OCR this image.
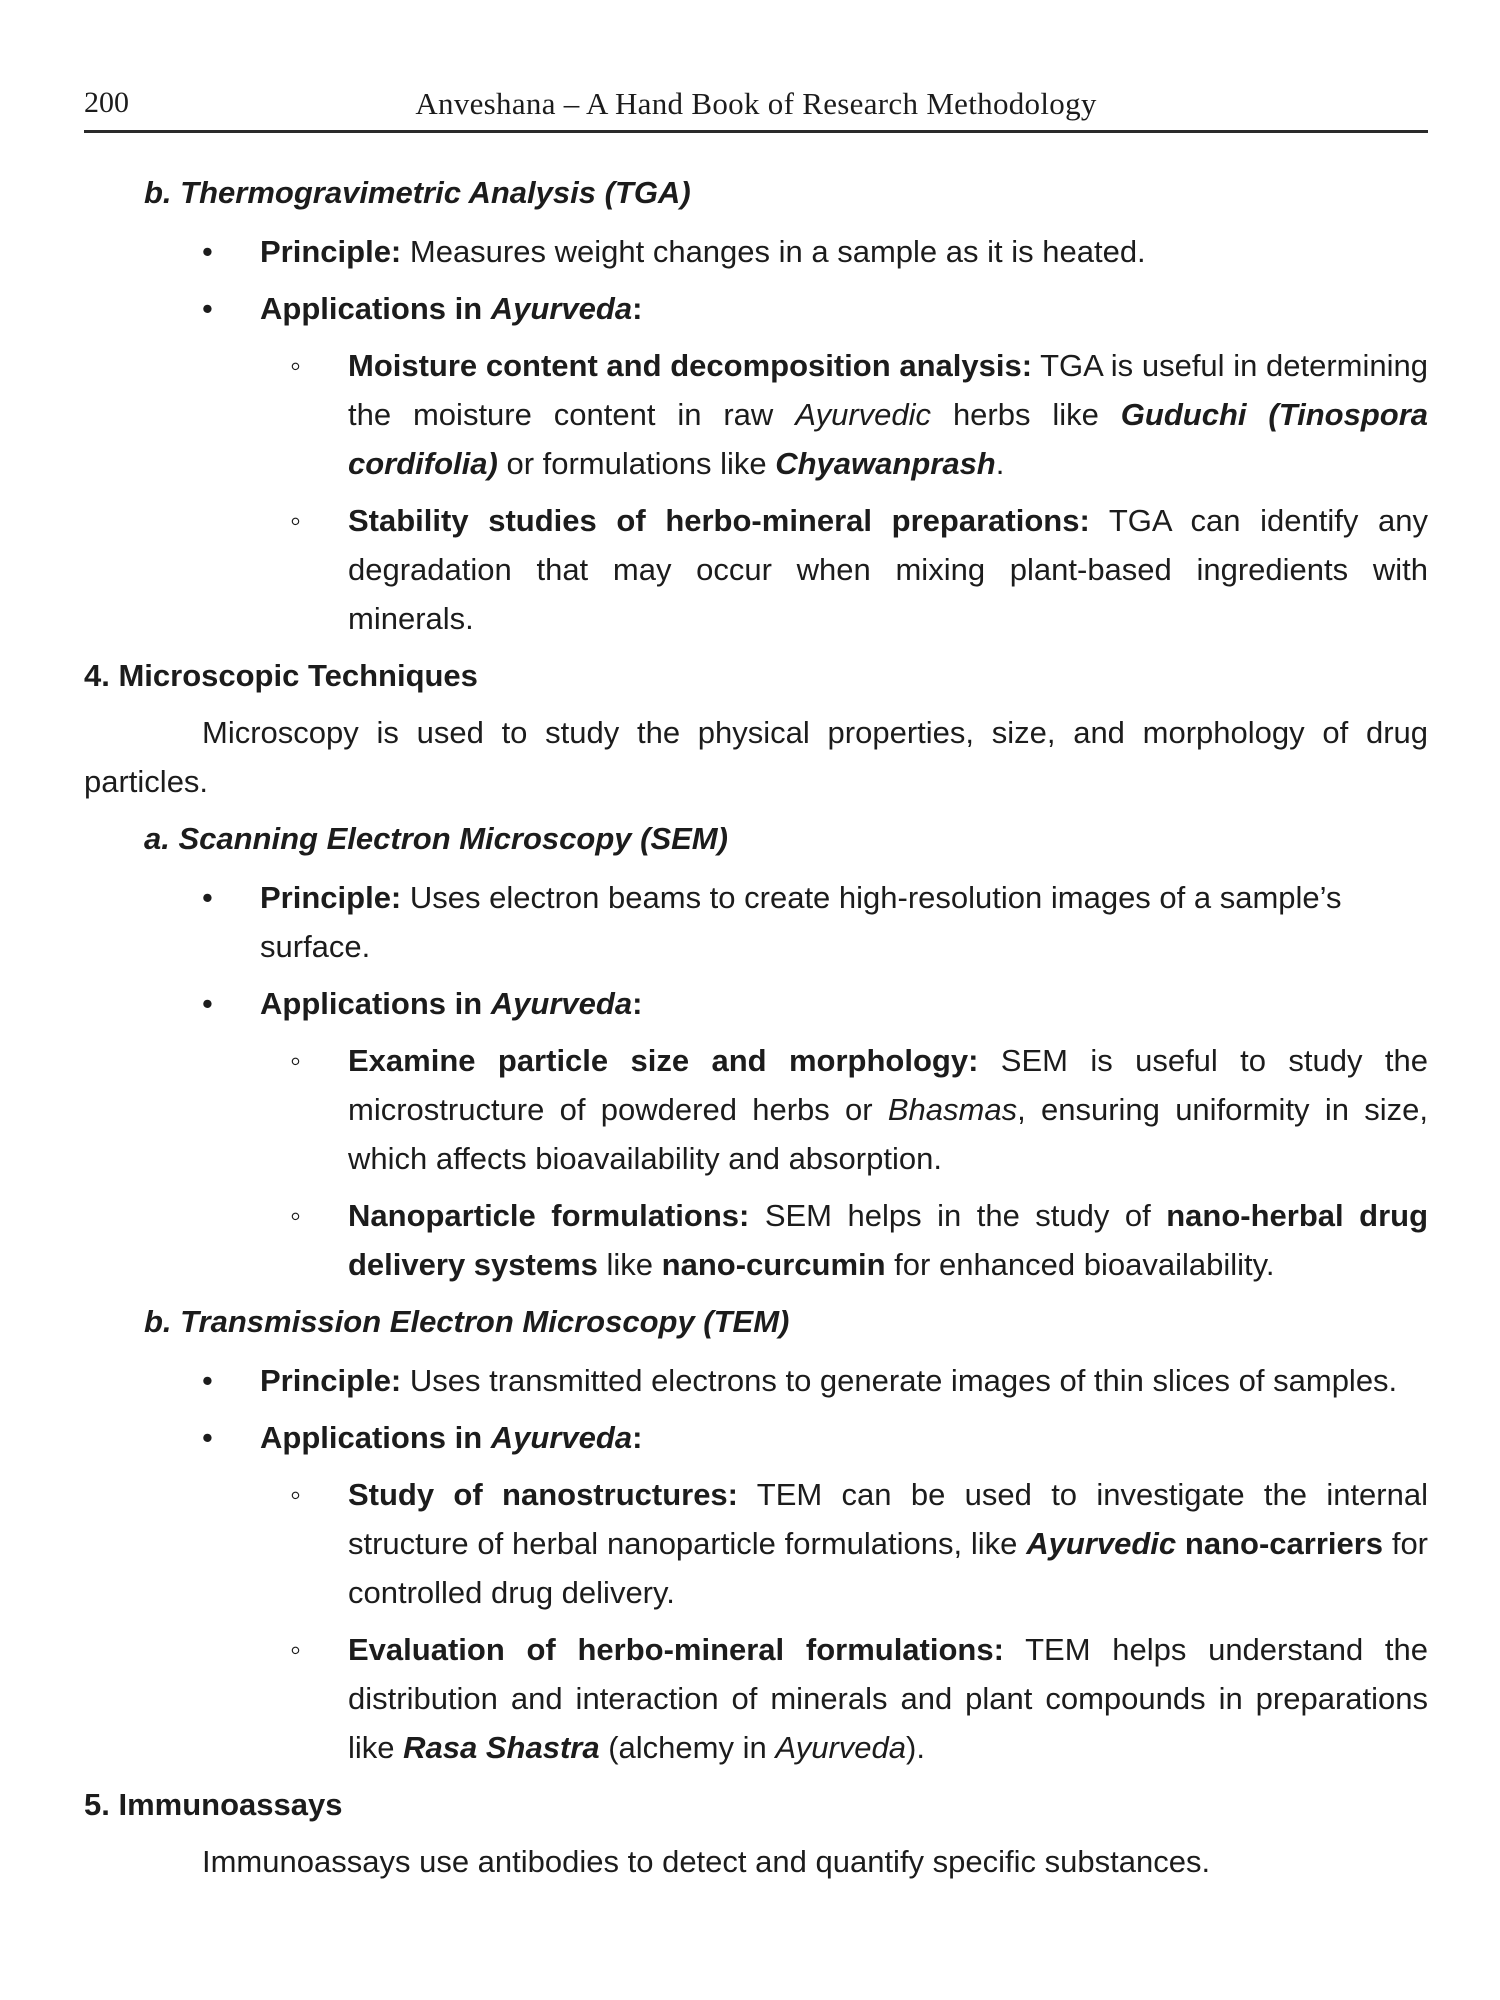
200	Anveshana – A Hand Book of Research Methodology
b. Thermogravimetric Analysis (TGA)
• Principle: Measures weight changes in a sample as it is heated.
• Applications in Ayurveda:
◦ Moisture content and decomposition analysis: TGA is useful in determining the moisture content in raw Ayurvedic herbs like Guduchi (Tinospora cordifolia) or formulations like Chyawanprash.
◦ Stability studies of herbo-mineral preparations: TGA can identify any degradation that may occur when mixing plant-based ingredients with minerals.
4. Microscopic Techniques
Microscopy is used to study the physical properties, size, and morphology of drug particles.
a. Scanning Electron Microscopy (SEM)
• Principle: Uses electron beams to create high-resolution images of a sample’s surface.
• Applications in Ayurveda:
◦ Examine particle size and morphology: SEM is useful to study the microstructure of powdered herbs or Bhasmas, ensuring uniformity in size, which affects bioavailability and absorption.
◦ Nanoparticle formulations: SEM helps in the study of nano-herbal drug delivery systems like nano-curcumin for enhanced bioavailability.
b. Transmission Electron Microscopy (TEM)
• Principle: Uses transmitted electrons to generate images of thin slices of samples.
• Applications in Ayurveda:
◦ Study of nanostructures: TEM can be used to investigate the internal structure of herbal nanoparticle formulations, like Ayurvedic nano-carriers for controlled drug delivery.
◦ Evaluation of herbo-mineral formulations: TEM helps understand the distribution and interaction of minerals and plant compounds in preparations like Rasa Shastra (alchemy in Ayurveda).
5. Immunoassays
Immunoassays use antibodies to detect and quantify specific substances.
